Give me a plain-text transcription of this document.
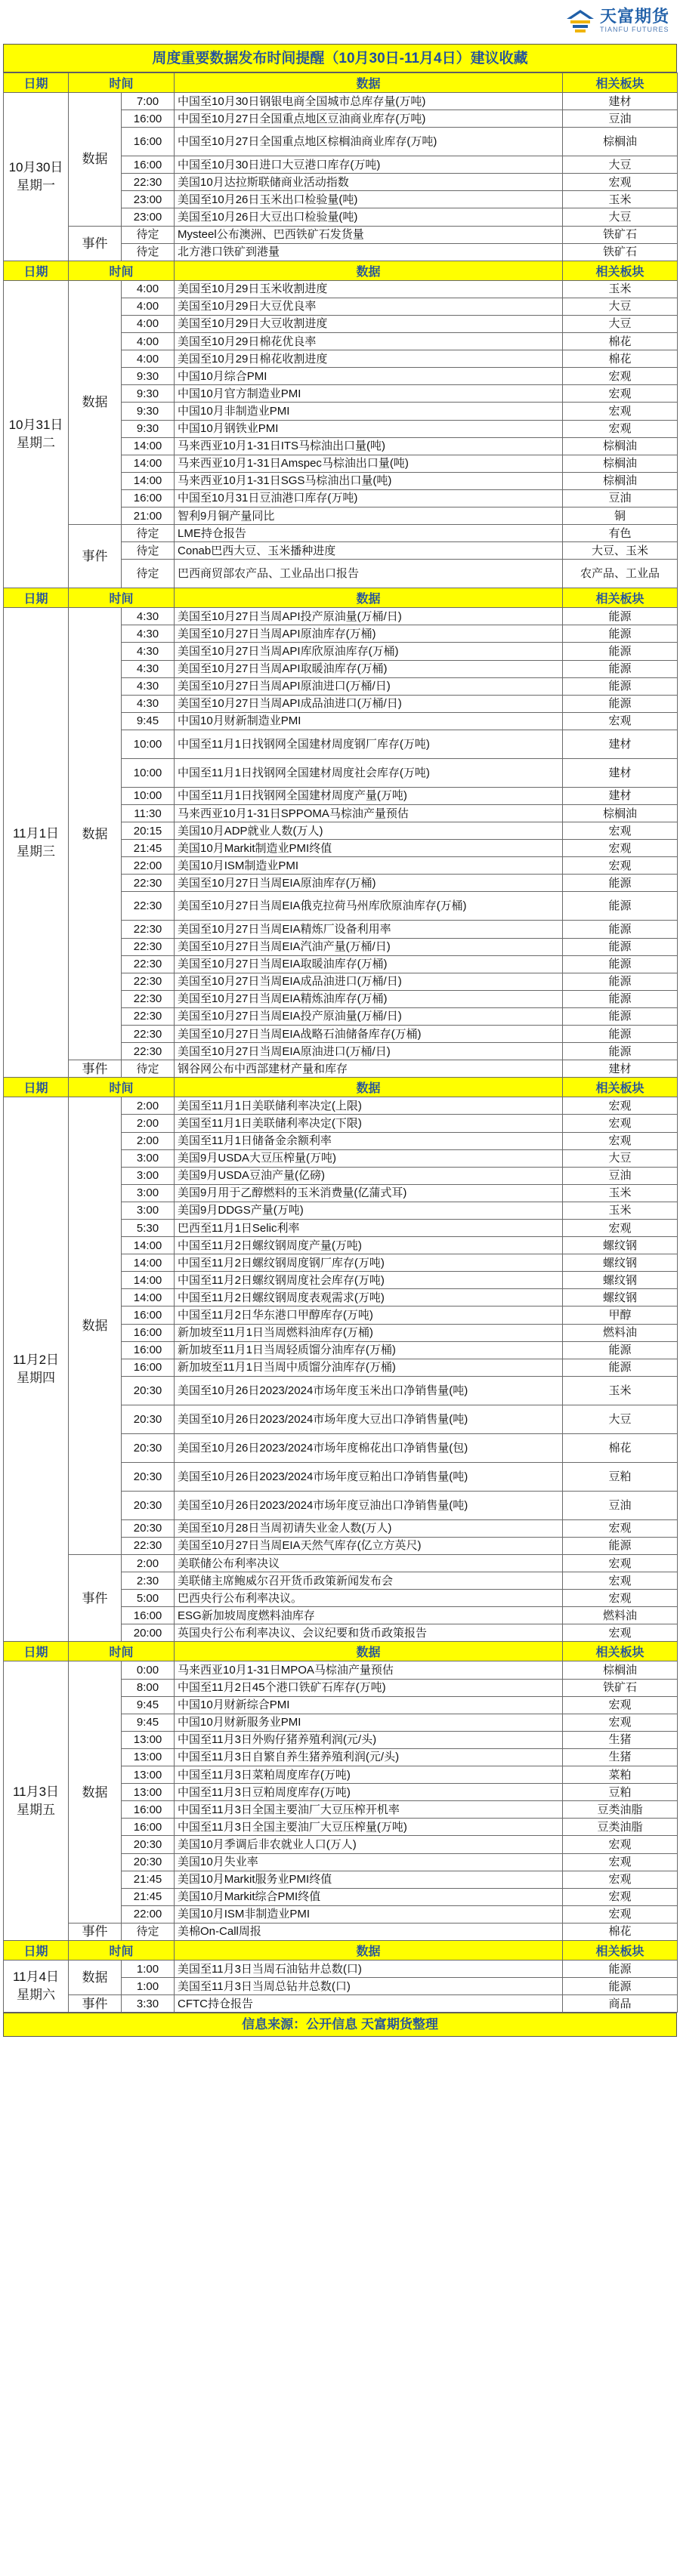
天富期货
TIANFU FUTURES
周度重要数据发布时间提醒（10月30日-11月4日）建议收藏
日期	时间		数据	相关板块

10月30日
星期一	数据	7:00	中国至10月30日钢银电商全国城市总库存量(万吨)	建材
		16:00	中国至10月27日全国重点地区豆油商业库存(万吨)	豆油
		16:00	中国至10月27日全国重点地区棕榈油商业库存(万吨)	棕榈油
		16:00	中国至10月30日进口大豆港口库存(万吨)	大豆
		22:30	美国10月达拉斯联储商业活动指数	宏观
		23:00	美国至10月26日玉米出口检验量(吨)	玉米
		23:00	美国至10月26日大豆出口检验量(吨)	大豆
	事件	待定	Mysteel公布澳洲、巴西铁矿石发货量	铁矿石
		待定	北方港口铁矿到港量	铁矿石
日期	时间		数据	相关板块

10月31日
星期二	数据	4:00	美国至10月29日玉米收割进度	玉米
		4:00	美国至10月29日大豆优良率	大豆
		4:00	美国至10月29日大豆收割进度	大豆
		4:00	美国至10月29日棉花优良率	棉花
		4:00	美国至10月29日棉花收割进度	棉花
		9:30	中国10月综合PMI	宏观
		9:30	中国10月官方制造业PMI	宏观
		9:30	中国10月非制造业PMI	宏观
		9:30	中国10月钢铁业PMI	宏观
		14:00	马来西亚10月1-31日ITS马棕油出口量(吨)	棕榈油
		14:00	马来西亚10月1-31日Amspec马棕油出口量(吨)	棕榈油
		14:00	马来西亚10月1-31日SGS马棕油出口量(吨)	棕榈油
		16:00	中国至10月31日豆油港口库存(万吨)	豆油
		21:00	智利9月铜产量同比	铜
	事件	待定	LME持仓报告	有色
		待定	Conab巴西大豆、玉米播种进度	大豆、玉米
		待定	巴西商贸部农产品、工业品出口报告	农产品、工业品
日期	时间		数据	相关板块

11月1日
星期三	数据	4:30	美国至10月27日当周API投产原油量(万桶/日)	能源
		4:30	美国至10月27日当周API原油库存(万桶)	能源
		4:30	美国至10月27日当周API库欣原油库存(万桶)	能源
		4:30	美国至10月27日当周API取暖油库存(万桶)	能源
		4:30	美国至10月27日当周API原油进口(万桶/日)	能源
		4:30	美国至10月27日当周API成品油进口(万桶/日)	能源
		9:45	中国10月财新制造业PMI	宏观
		10:00	中国至11月1日找钢网全国建材周度钢厂库存(万吨)	建材
		10:00	中国至11月1日找钢网全国建材周度社会库存(万吨)	建材
		10:00	中国至11月1日找钢网全国建材周度产量(万吨)	建材
		11:30	马来西亚10月1-31日SPPOMA马棕油产量预估	棕榈油
		20:15	美国10月ADP就业人数(万人)	宏观
		21:45	美国10月Markit制造业PMI终值	宏观
		22:00	美国10月ISM制造业PMI	宏观
		22:30	美国至10月27日当周EIA原油库存(万桶)	能源
		22:30	美国至10月27日当周EIA俄克拉荷马州库欣原油库存(万桶)	能源
		22:30	美国至10月27日当周EIA精炼厂设备利用率	能源
		22:30	美国至10月27日当周EIA汽油产量(万桶/日)	能源
		22:30	美国至10月27日当周EIA取暖油库存(万桶)	能源
		22:30	美国至10月27日当周EIA成品油进口(万桶/日)	能源
		22:30	美国至10月27日当周EIA精炼油库存(万桶)	能源
		22:30	美国至10月27日当周EIA投产原油量(万桶/日)	能源
		22:30	美国至10月27日当周EIA战略石油储备库存(万桶)	能源
		22:30	美国至10月27日当周EIA原油进口(万桶/日)	能源
	事件	待定	钢谷网公布中西部建材产量和库存	建材
日期	时间		数据	相关板块

11月2日
星期四	数据	2:00	美国至11月1日美联储利率决定(上限)	宏观
		2:00	美国至11月1日美联储利率决定(下限)	宏观
		2:00	美国至11月1日储备金余额利率	宏观
		3:00	美国9月USDA大豆压榨量(万吨)	大豆
		3:00	美国9月USDA豆油产量(亿磅)	豆油
		3:00	美国9月用于乙醇燃料的玉米消费量(亿蒲式耳)	玉米
		3:00	美国9月DDGS产量(万吨)	玉米
		5:30	巴西至11月1日Selic利率	宏观
		14:00	中国至11月2日螺纹钢周度产量(万吨)	螺纹钢
		14:00	中国至11月2日螺纹钢周度钢厂库存(万吨)	螺纹钢
		14:00	中国至11月2日螺纹钢周度社会库存(万吨)	螺纹钢
		14:00	中国至11月2日螺纹钢周度表观需求(万吨)	螺纹钢
		16:00	中国至11月2日华东港口甲醇库存(万吨)	甲醇
		16:00	新加坡至11月1日当周燃料油库存(万桶)	燃料油
		16:00	新加坡至11月1日当周轻质馏分油库存(万桶)	能源
		16:00	新加坡至11月1日当周中质馏分油库存(万桶)	能源
		20:30	美国至10月26日2023/2024市场年度玉米出口净销售量(吨)	玉米
		20:30	美国至10月26日2023/2024市场年度大豆出口净销售量(吨)	大豆
		20:30	美国至10月26日2023/2024市场年度棉花出口净销售量(包)	棉花
		20:30	美国至10月26日2023/2024市场年度豆粕出口净销售量(吨)	豆粕
		20:30	美国至10月26日2023/2024市场年度豆油出口净销售量(吨)	豆油
		20:30	美国至10月28日当周初请失业金人数(万人)	宏观
		22:30	美国至10月27日当周EIA天然气库存(亿立方英尺)	能源
	事件	2:00	美联储公布利率决议	宏观
		2:30	美联储主席鲍威尔召开货币政策新闻发布会	宏观
		5:00	巴西央行公布利率决议。	宏观
		16:00	ESG新加坡周度燃料油库存	燃料油
		20:00	英国央行公布利率决议、会议纪要和货币政策报告	宏观
日期	时间		数据	相关板块

11月3日
星期五	数据	0:00	马来西亚10月1-31日MPOA马棕油产量预估	棕榈油
		8:00	中国至11月2日45个港口铁矿石库存(万吨)	铁矿石
		9:45	中国10月财新综合PMI	宏观
		9:45	中国10月财新服务业PMI	宏观
		13:00	中国至11月3日外购仔猪养殖利润(元/头)	生猪
		13:00	中国至11月3日自繁自养生猪养殖利润(元/头)	生猪
		13:00	中国至11月3日菜粕周度库存(万吨)	菜粕
		13:00	中国至11月3日豆粕周度库存(万吨)	豆粕
		16:00	中国至11月3日全国主要油厂大豆压榨开机率	豆类油脂
		16:00	中国至11月3日全国主要油厂大豆压榨量(万吨)	豆类油脂
		20:30	美国10月季调后非农就业人口(万人)	宏观
		20:30	美国10月失业率	宏观
		21:45	美国10月Markit服务业PMI终值	宏观
		21:45	美国10月Markit综合PMI终值	宏观
		22:00	美国10月ISM非制造业PMI	宏观
	事件	待定	美棉On-Call周报	棉花
日期	时间		数据	相关板块

11月4日
星期六	数据	1:00	美国至11月3日当周石油钻井总数(口)	能源
		1:00	美国至11月3日当周总钻井总数(口)	能源
	事件	3:30	CFTC持仓报告	商品
信息来源：公开信息 天富期货整理
